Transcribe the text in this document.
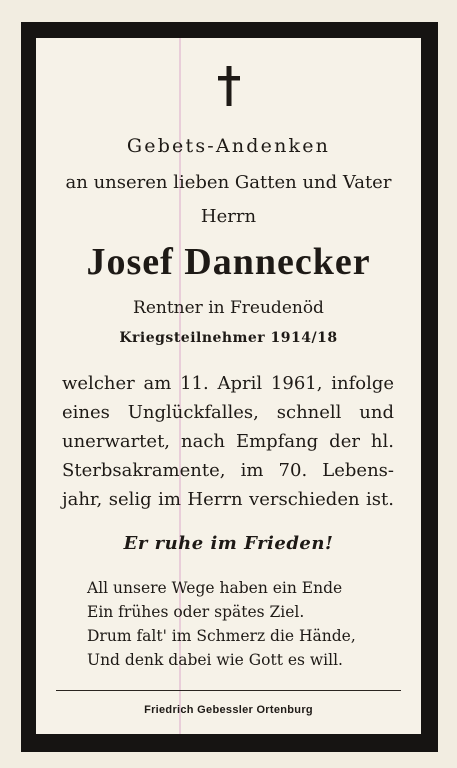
Gebets-Andenken
an unseren lieben Gatten und Vater
Herrn
Josef Dannecker
Rentner in Freudenöd
Kriegsteilnehmer 1914/18
welcher am 11. April 1961, infolge
eines Unglückfalles, schnell und
unerwartet, nach Empfang der hl.
Sterbsakramente, im 70. Lebens-
jahr, selig im Herrn verschieden ist.
Er ruhe im Frieden!
All unsere Wege haben ein Ende
Ein frühes oder spätes Ziel.
Drum falt' im Schmerz die Hände,
Und denk dabei wie Gott es will.
Friedrich Gebessler Ortenburg
